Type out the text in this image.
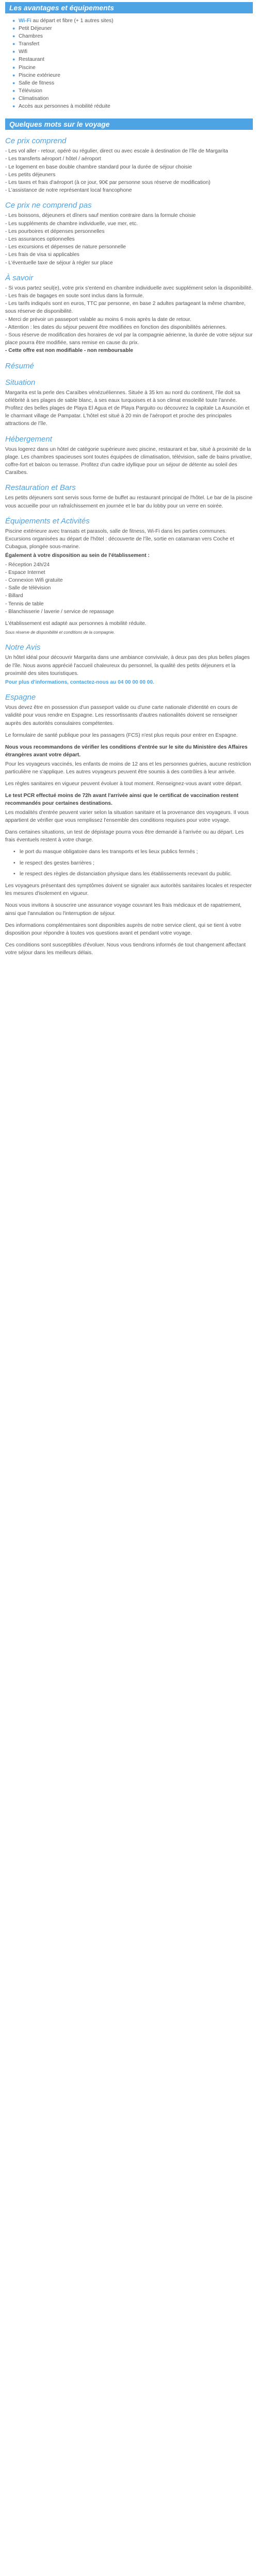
Les avantages et équipements
● Wi-Fi au départ et fibre (+ 1 autres sites)
● Petit Déjeuner
● Chambres
● Transfert
● Wifi
● Restaurant
● Piscine
● Piscine extérieure
● Salle de fitness
● Télévision
● Climatisation
● Accès aux personnes à mobilité réduite
Quelques mots sur le voyage
Ce prix comprend
- Les vol aller - retour, opéré ou régulier, direct ou avec escale à destination de l'île de Margarita
- Les transferts aéroport / hôtel / aéroport
- Le logement en base double chambre standard pour la durée de séjour choisie
- Les petits déjeuners
- Les taxes et frais d'aéroport (à ce jour, 90€ par personne sous réserve de modification)
- L'assistance de notre représentant local francophone
Ce prix ne comprend pas
- Les boissons, déjeuners et dîners sauf mention contraire dans la formule choisie
- Les suppléments de chambre individuelle, vue mer, etc.
- Les pourboires et dépenses personnelles
- Les assurances optionnelles
- Les excursions et dépenses de nature personnelle
- Les frais de visa si applicables
- L'éventuelle taxe de séjour à régler sur place
À savoir
- Si vous partez seul(e), votre prix s'entend en chambre individuelle avec supplément selon la disponibilité.
- Les frais de bagages en soute sont inclus dans la formule.
- Les tarifs indiqués sont en euros, TTC par personne, en base 2 adultes partageant la même chambre, sous réserve de disponibilité.
- Merci de prévoir un passeport valable au moins 6 mois après la date de retour.
- Attention : les dates du séjour peuvent être modifiées en fonction des disponibilités aériennes.
- Sous réserve de modification des horaires de vol par la compagnie aérienne, la durée de votre séjour sur place pourra être modifiée, sans remise en cause du prix.

- Cette offre est non modifiable - non remboursable

Résumé
Situation

Margarita est la perle des Caraïbes vénézuéliennes. Située à 35 km au nord du continent, l'île doit sa célébrité à ses plages de sable blanc, à ses eaux turquoises et à son climat ensoleillé toute l'année. Profitez des belles plages de Playa El Agua et de Playa Parguito ou découvrez la capitale La Asunción et le charmant village de Pampatar. L'hôtel est situé à 20 min de l'aéroport et proche des principales attractions de l'île.

Hébergement

Vous logerez dans un hôtel de catégorie supérieure avec piscine, restaurant et bar, situé à proximité de la plage. Les chambres spacieuses sont toutes équipées de climatisation, télévision, salle de bains privative, coffre-fort et balcon ou terrasse. Profitez d'un cadre idyllique pour un séjour de détente au soleil des Caraïbes.

Restauration et Bars

Les petits déjeuners sont servis sous forme de buffet au restaurant principal de l'hôtel. Le bar de la piscine vous accueille pour un rafraîchissement en journée et le bar du lobby pour un verre en soirée.

Équipements et Activités

Piscine extérieure avec transats et parasols, salle de fitness, Wi-Fi dans les parties communes. Excursions organisées au départ de l'hôtel : découverte de l'île, sortie en catamaran vers Coche et Cubagua, plongée sous-marine.

Également à votre disposition au sein de l'établissement :

- Réception 24h/24
- Espace Internet
- Connexion Wifi gratuite
- Salle de télévision
- Billard
- Tennis de table
- Blanchisserie / laverie / service de repassage

L'établissement est adapté aux personnes à mobilité réduite.

Sous réserve de disponibilité et conditions de la compagnie.

Notre Avis

Un hôtel idéal pour découvrir Margarita dans une ambiance conviviale, à deux pas des plus belles plages de l'île. Nous avons apprécié l'accueil chaleureux du personnel, la qualité des petits déjeuners et la proximité des sites touristiques.

Pour plus d'informations, contactez-nous au 04 00 00 00 00.

Espagne

Vous devez être en possession d'un passeport valide ou d'une carte nationale d'identité en cours de validité pour vous rendre en Espagne. Les ressortissants d'autres nationalités doivent se renseigner auprès des autorités consulaires compétentes.

Le formulaire de santé publique pour les passagers (FCS) n'est plus requis pour entrer en Espagne.

Nous vous recommandons de vérifier les conditions d'entrée sur le site du Ministère des Affaires étrangères avant votre départ.

Pour les voyageurs vaccinés, les enfants de moins de 12 ans et les personnes guéries, aucune restriction particulière ne s'applique. Les autres voyageurs peuvent être soumis à des contrôles à leur arrivée.

Les règles sanitaires en vigueur peuvent évoluer à tout moment. Renseignez-vous avant votre départ.

Le test PCR effectué moins de 72h avant l'arrivée ainsi que le certificat de vaccination restent recommandés pour certaines destinations.

Les modalités d'entrée peuvent varier selon la situation sanitaire et la provenance des voyageurs. Il vous appartient de vérifier que vous remplissez l'ensemble des conditions requises pour votre voyage.

Dans certaines situations, un test de dépistage pourra vous être demandé à l'arrivée ou au départ. Les frais éventuels restent à votre charge.

• le port du masque obligatoire dans les transports et les lieux publics fermés ;
• le respect des gestes barrières ;
• le respect des règles de distanciation physique dans les établissements recevant du public.

Les voyageurs présentant des symptômes doivent se signaler aux autorités sanitaires locales et respecter les mesures d'isolement en vigueur.

Nous vous invitons à souscrire une assurance voyage couvrant les frais médicaux et de rapatriement, ainsi que l'annulation ou l'interruption de séjour.

Des informations complémentaires sont disponibles auprès de notre service client, qui se tient à votre disposition pour répondre à toutes vos questions avant et pendant votre voyage.

Ces conditions sont susceptibles d'évoluer. Nous vous tiendrons informés de tout changement affectant votre séjour dans les meilleurs délais.
